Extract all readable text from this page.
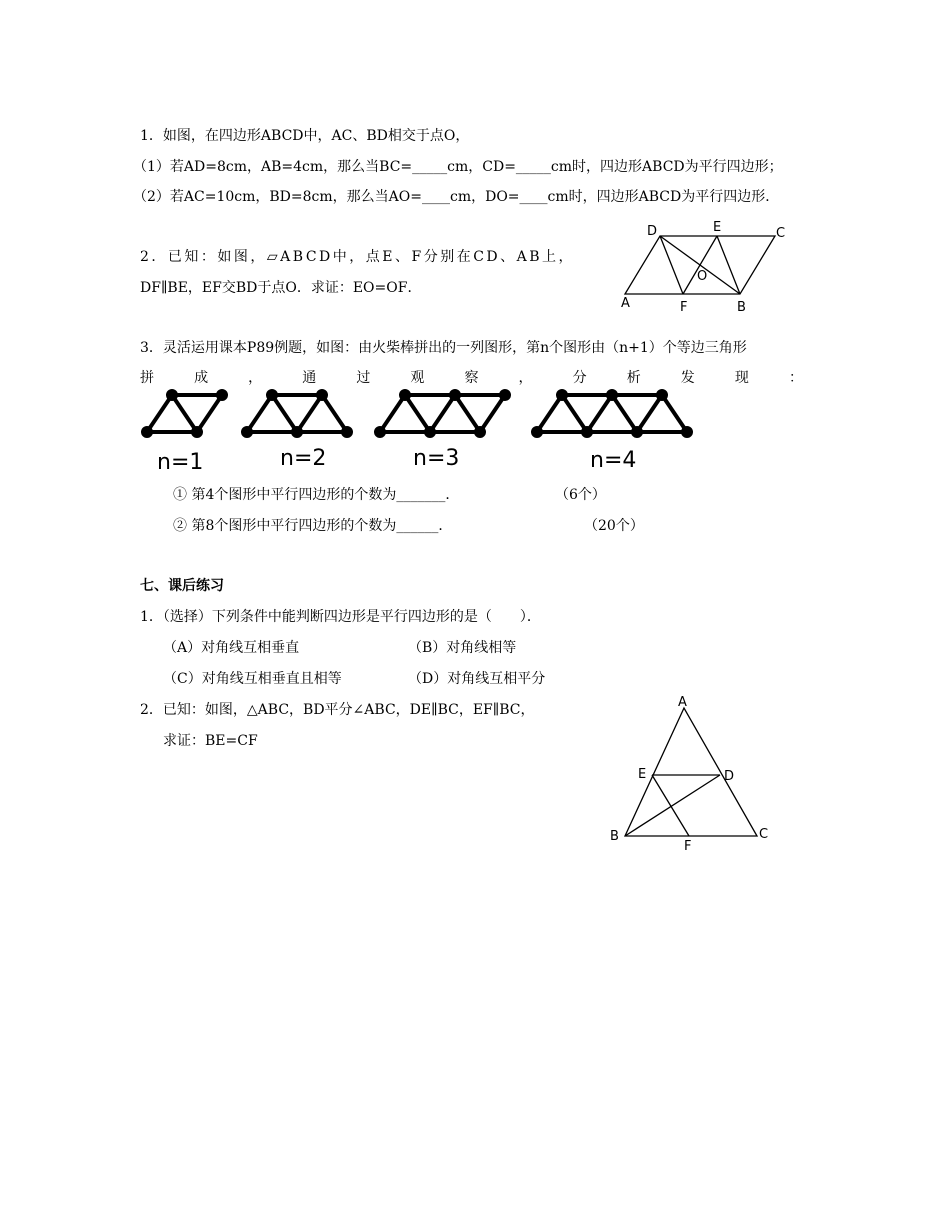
1．如图，在四边形ABCD中，AC、BD相交于点O，
（1）若AD=8cm，AB=4cm，那么当BC=_____cm，CD=_____cm时，四边形ABCD为平行四边形；
（2）若AC=10cm，BD=8cm，那么当AO=____cm，DO=____cm时，四边形ABCD为平行四边形．
2．已知：如图，▱ABCD中，点E、F分别在CD、AB上，
DF∥BE，EF交BD于点O．求证：EO=OF．
D	E	C
O
A	F	B
3．灵活运用课本P89例题，如图：由火柴棒拼出的一列图形，第n个图形由（n+1）个等边三角形
拼	成	，	通	过	观	察	，	分	析	发	现	：
n=1	n=2	n=3	n=4
① 第4个图形中平行四边形的个数为_______．	（6个）
② 第8个图形中平行四边形的个数为______．	（20个）
七、课后练习
1．（选择）下列条件中能判断四边形是平行四边形的是（　　）．
（A）对角线互相垂直	（B）对角线相等
（C）对角线互相垂直且相等	（D）对角线互相平分
2．已知：如图，△ABC，BD平分∠ABC，DE∥BC，EF∥BC，
求证：BE=CF
A
E	D
B	C
F
